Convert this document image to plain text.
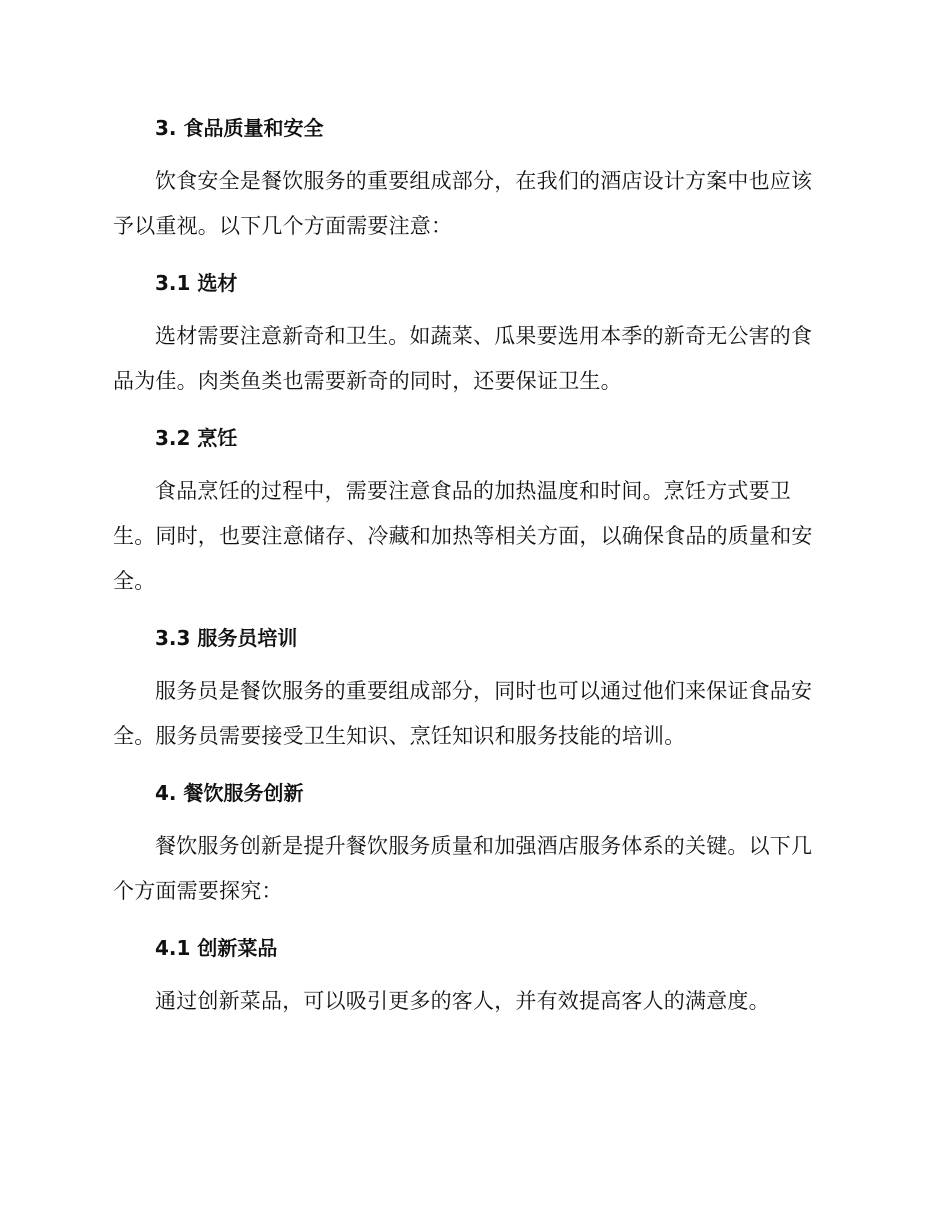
3. 食品质量和安全

饮食安全是餐饮服务的重要组成部分，在我们的酒店设计方案中也应该予以重视。以下几个方面需要注意：

3.1 选材

选材需要注意新奇和卫生。如蔬菜、瓜果要选用本季的新奇无公害的食品为佳。肉类鱼类也需要新奇的同时，还要保证卫生。

3.2 烹饪

食品烹饪的过程中，需要注意食品的加热温度和时间。烹饪方式要卫生。同时，也要注意储存、冷藏和加热等相关方面，以确保食品的质量和安全。

3.3 服务员培训

服务员是餐饮服务的重要组成部分，同时也可以通过他们来保证食品安全。服务员需要接受卫生知识、烹饪知识和服务技能的培训。

4. 餐饮服务创新

餐饮服务创新是提升餐饮服务质量和加强酒店服务体系的关键。以下几个方面需要探究：

4.1 创新菜品

通过创新菜品，可以吸引更多的客人，并有效提高客人的满意度。
